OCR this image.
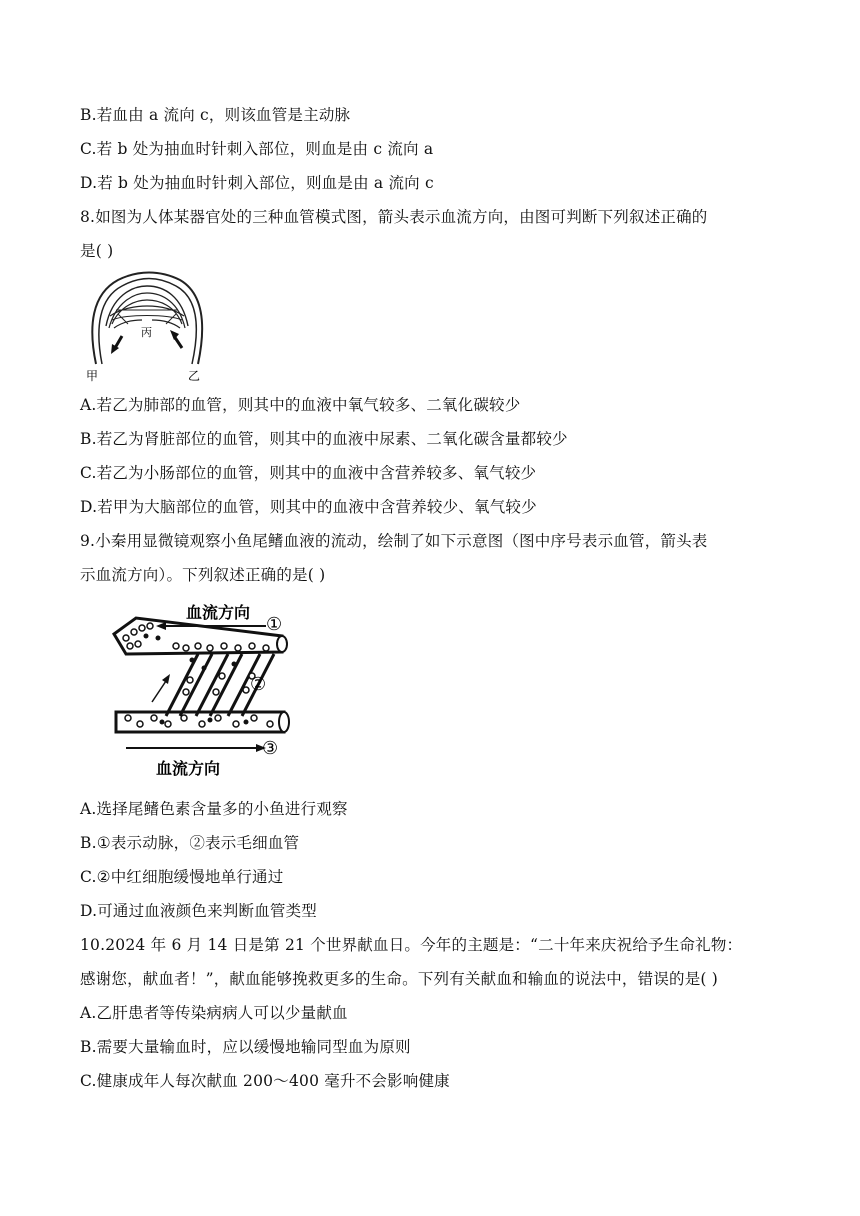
B.若血由 a 流向 c，则该血管是主动脉
C.若 b 处为抽血时针刺入部位，则血是由 c 流向 a
D.若 b 处为抽血时针刺入部位，则血是由 a 流向 c
8.如图为人体某器官处的三种血管模式图，箭头表示血流方向，由图可判断下列叙述正确的
是( )
丙
甲	乙
A.若乙为肺部的血管，则其中的血液中氧气较多、二氧化碳较少
B.若乙为肾脏部位的血管，则其中的血液中尿素、二氧化碳含量都较少
C.若乙为小肠部位的血管，则其中的血液中含营养较多、氧气较少
D.若甲为大脑部位的血管，则其中的血液中含营养较少、氧气较少
9.小秦用显微镜观察小鱼尾鳍血液的流动，绘制了如下示意图（图中序号表示血管，箭头表
示血流方向）。下列叙述正确的是( )
血流方向
血流方向
①
②
③
A.选择尾鳍色素含量多的小鱼进行观察
B.①表示动脉，②表示毛细血管
C.②中红细胞缓慢地单行通过
D.可通过血液颜色来判断血管类型
10.2024 年 6 月 14 日是第 21 个世界献血日。今年的主题是：“二十年来庆祝给予生命礼物：
感谢您，献血者！”，献血能够挽救更多的生命。下列有关献血和输血的说法中，错误的是( )
A.乙肝患者等传染病病人可以少量献血
B.需要大量输血时，应以缓慢地输同型血为原则
C.健康成年人每次献血 200～400 毫升不会影响健康
